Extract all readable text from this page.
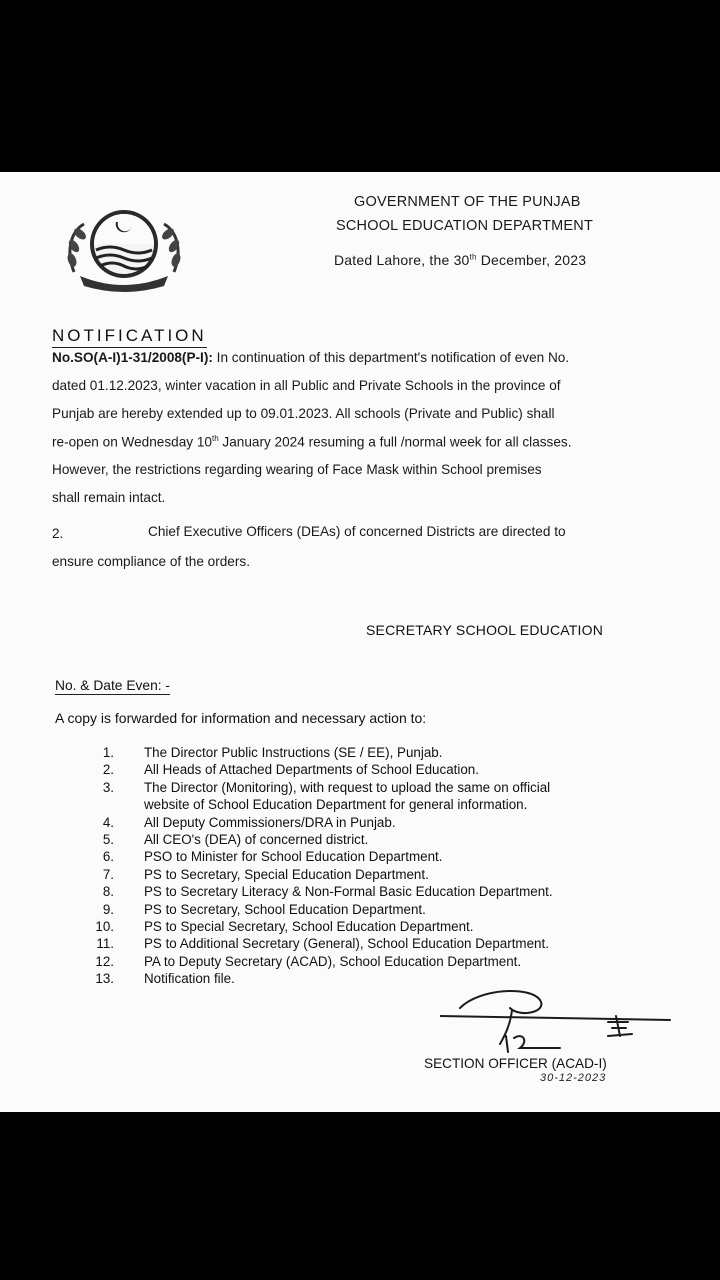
GOVERNMENT OF THE PUNJAB
SCHOOL EDUCATION DEPARTMENT
Dated Lahore, the 30th December, 2023
NOTIFICATION
No.SO(A-I)1-31/2008(P-I): In continuation of this department's notification of even No.
dated 01.12.2023, winter vacation in all Public and Private Schools in the province of
Punjab are hereby extended up to 09.01.2023. All schools (Private and Public) shall
re-open on Wednesday 10th January 2024 resuming a full /normal week for all classes.
However, the restrictions regarding wearing of Face Mask within School premises
shall remain intact.
2.	Chief Executive Officers (DEAs) of concerned Districts are directed to
ensure compliance of the orders.
SECRETARY SCHOOL EDUCATION
No. & Date Even: -
A copy is forwarded for information and necessary action to:
1. The Director Public Instructions (SE / EE), Punjab.
2. All Heads of Attached Departments of School Education.
3. The Director (Monitoring), with request to upload the same on official
website of School Education Department for general information.
4. All Deputy Commissioners/DRA in Punjab.
5. All CEO's (DEA) of concerned district.
6. PSO to Minister for School Education Department.
7. PS to Secretary, Special Education Department.
8. PS to Secretary Literacy & Non-Formal Basic Education Department.
9. PS to Secretary, School Education Department.
10. PS to Special Secretary, School Education Department.
11. PS to Additional Secretary (General), School Education Department.
12. PA to Deputy Secretary (ACAD), School Education Department.
13. Notification file.
SECTION OFFICER (ACAD-I)
30-12-2023
